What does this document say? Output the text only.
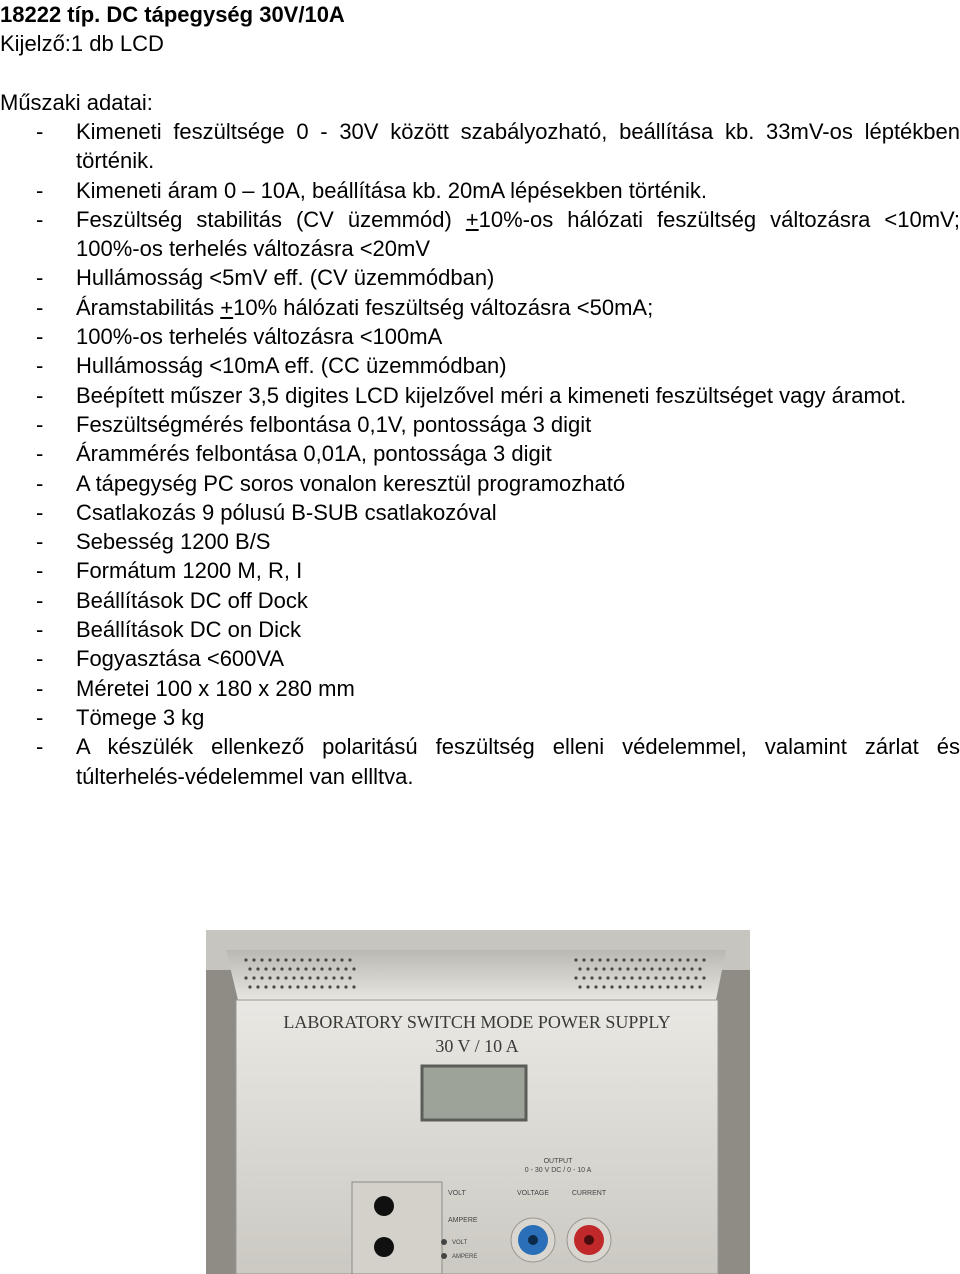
18222 típ. DC tápegység 30V/10A
Kijelző:1 db LCD
Műszaki adatai:
- Kimeneti feszültsége 0 - 30V között szabályozható, beállítása kb. 33mV-os léptékben történik.
- Kimeneti áram 0 – 10A, beállítása kb. 20mA lépésekben történik.
- Feszültség stabilitás (CV üzemmód) +10%-os hálózati feszültség változásra <10mV; 100%-os terhelés változásra <20mV
- Hullámosság <5mV eff. (CV üzemmódban)
- Áramstabilitás +10% hálózati feszültség változásra <50mA;
- 100%-os terhelés változásra <100mA
- Hullámosság <10mA eff. (CC üzemmódban)
- Beépített műszer 3,5 digites LCD kijelzővel méri a kimeneti feszültséget vagy áramot.
- Feszültségmérés felbontása 0,1V, pontossága 3 digit
- Árammérés felbontása 0,01A, pontossága 3 digit
- A tápegység PC soros vonalon keresztül programozható
- Csatlakozás 9 pólusú B-SUB csatlakozóval
- Sebesség 1200 B/S
- Formátum 1200 M, R, I
- Beállítások DC off Dock
- Beállítások DC on Dick
- Fogyasztása <600VA
- Méretei 100 x 180 x 280 mm
- Tömege 3 kg
- A készülék ellenkező polaritású feszültség elleni védelemmel, valamint zárlat és túlterhelés-védelemmel van ellltva.
LABORATORY SWITCH MODE POWER SUPPLY
30 V / 10 A
OUTPUT
0 - 30 V DC / 0 - 10 A
VOLT
AMPERE
VOLT
AMPERE
VOLTAGE	CURRENT
